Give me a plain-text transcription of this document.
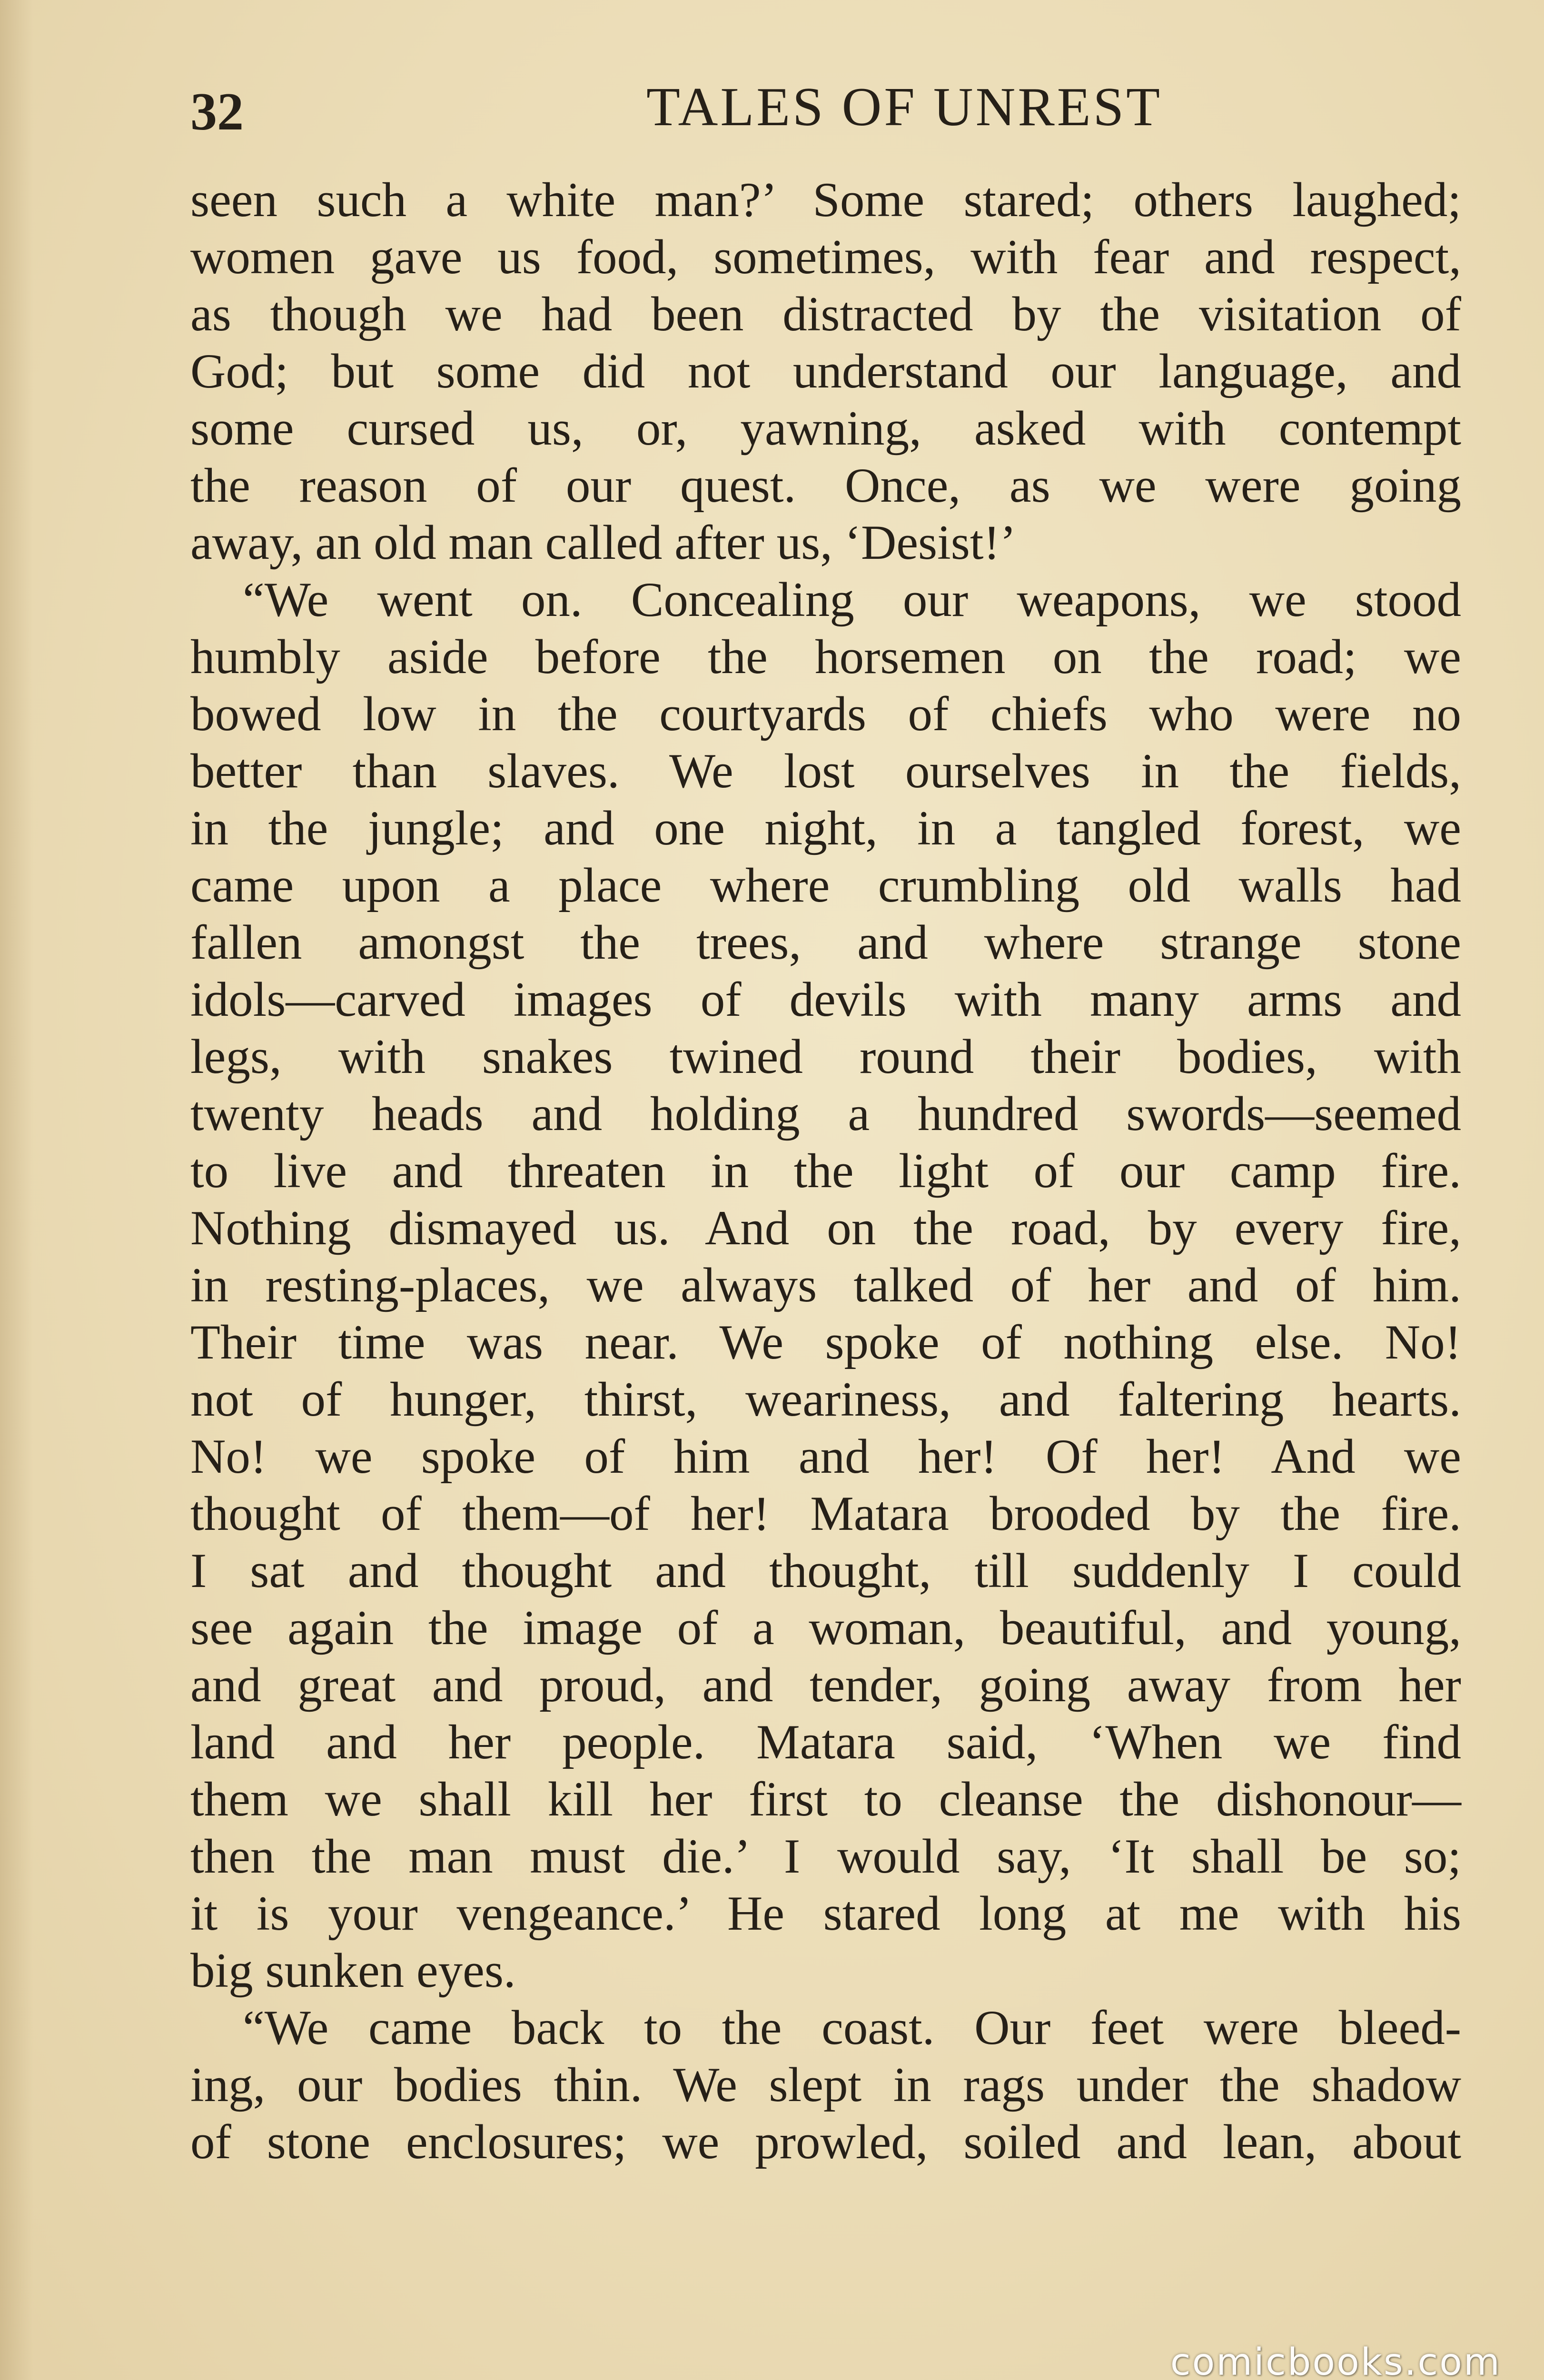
32	TALES OF UNREST
seen such a white man?’ Some stared; others laughed;
women gave us food, sometimes, with fear and respect,
as though we had been distracted by the visitation of
God; but some did not understand our language, and
some cursed us, or, yawning, asked with contempt
the reason of our quest. Once, as we were going
away, an old man called after us, ‘Desist!’
“We went on. Concealing our weapons, we stood
humbly aside before the horsemen on the road; we
bowed low in the courtyards of chiefs who were no
better than slaves. We lost ourselves in the fields,
in the jungle; and one night, in a tangled forest, we
came upon a place where crumbling old walls had
fallen amongst the trees, and where strange stone
idols—carved images of devils with many arms and
legs, with snakes twined round their bodies, with
twenty heads and holding a hundred swords—seemed
to live and threaten in the light of our camp fire.
Nothing dismayed us. And on the road, by every fire,
in resting-places, we always talked of her and of him.
Their time was near. We spoke of nothing else. No!
not of hunger, thirst, weariness, and faltering hearts.
No! we spoke of him and her! Of her! And we
thought of them—of her! Matara brooded by the fire.
I sat and thought and thought, till suddenly I could
see again the image of a woman, beautiful, and young,
and great and proud, and tender, going away from her
land and her people. Matara said, ‘When we find
them we shall kill her first to cleanse the dishonour—
then the man must die.’ I would say, ‘It shall be so;
it is your vengeance.’ He stared long at me with his
big sunken eyes.
“We came back to the coast. Our feet were bleed-
ing, our bodies thin. We slept in rags under the shadow
of stone enclosures; we prowled, soiled and lean, about
comicbooks.com
